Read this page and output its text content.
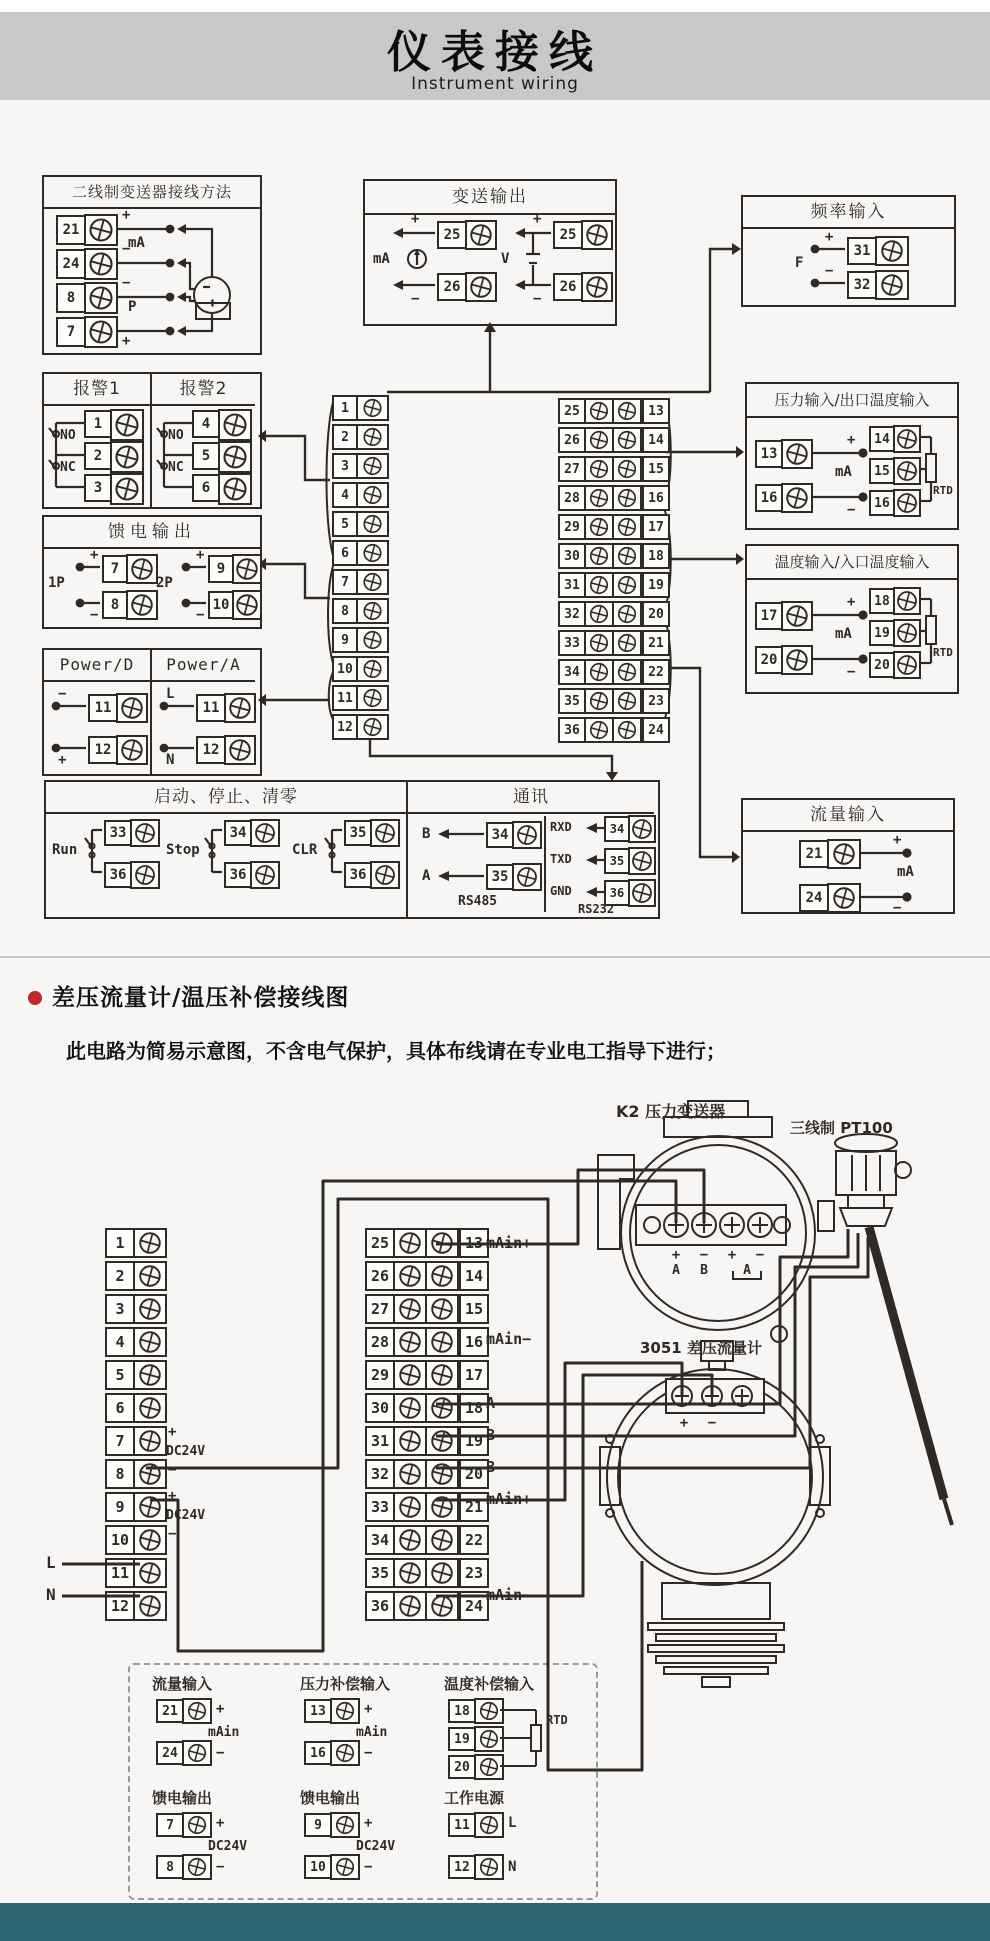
仪表接线
Instrument wiring
二线制变送器接线方法
21
24
8
7
+
mA
−
−
P
+
报警1	报警2
NO
NC
1
2
3
NO
NC
4
5
6
馈电输出
1P
+
−
7
8
2P
+
−
9
10
Power/D	Power/A
−
11
+
12
L
11
N
12
变送输出
+
mA
−
25
26
+
V
−
25
26
频率输入
F
+
−
31
32
压力输入/出口温度输入
+
mA
−
13
16
14
15
16
RTD
温度输入/入口温度输入
+
mA
−
17
20
18
19
20
RTD
流量输入
+
mA
−
21
24
启动、停止、清零	通讯
Run
33
36
Stop
34
36
CLR
35
36
B	34
A	35
RS485
RXD	34
TXD	35
GND	36
RS232
1
2
3
4
5
6
7
8
9
10
11
12
25	13
26	14
27	15
28	16
29	17
30	18
31	19
32	20
33	21
34	22
35	23
36	24
差压流量计/温压补偿接线图
此电路为简易示意图，不含电气保护，具体布线请在专业电工指导下进行；
K2 压力变送器
+ − + −
A	B	A
三线制 PT100
3051 差压流量计
+ −
L
N
1
2
3
4
5
6
7
8
9
10
11
12
25	13
26	14
27	15
28	16
29	17
30	18
31	19
32	20
33	21
34	22
35	23
36	24
流量输入
21	+
mAin
24	−
压力补偿输入
13	+
mAin
16	−
温度补偿输入
18
19
20
RTD
馈电输出
7	+
DC24V
8	−
馈电输出
9	+
DC24V
10	−
工作电源
11	L
12	N
mAin+
mAin−
A
B
B
mAin+
mAin−
+
DC24V
−
+
DC24V
−
